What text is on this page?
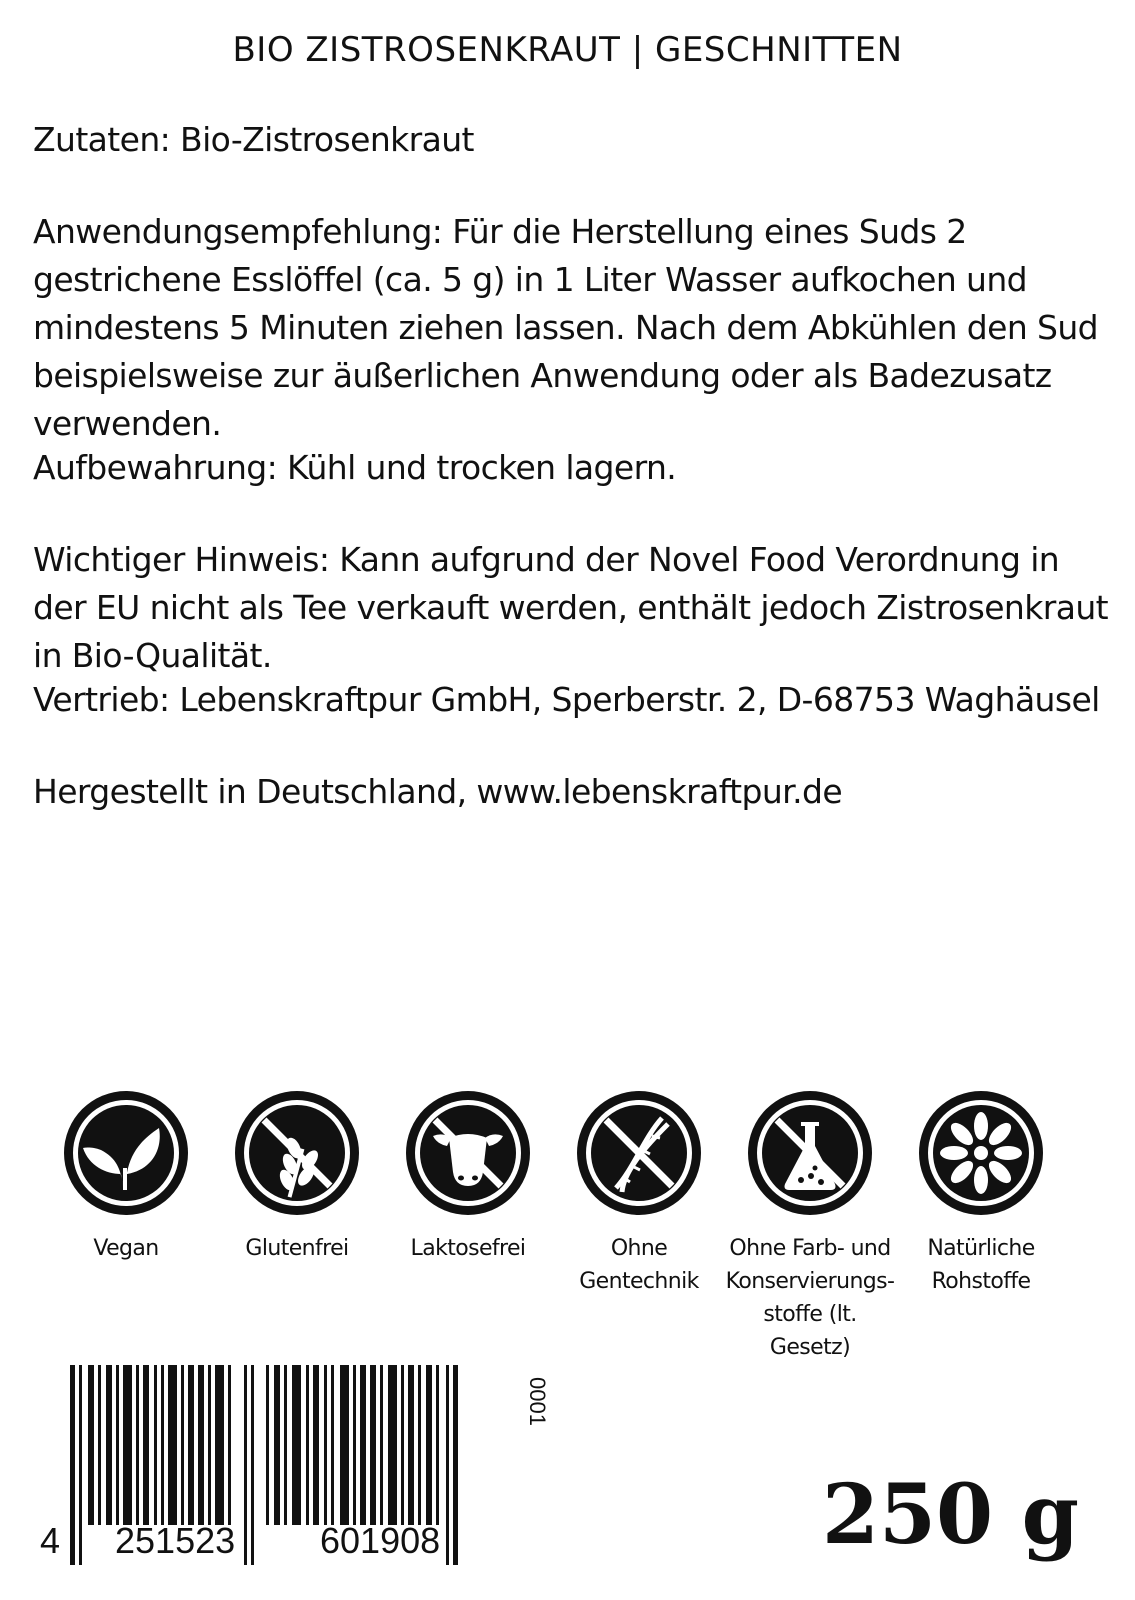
BIO ZISTROSENKRAUT | GESCHNITTEN
Zutaten: Bio-Zistrosenkraut
Anwendungsempfehlung: Für die Herstellung eines Suds 2 gestrichene Esslöffel (ca. 5 g) in 1 Liter Wasser aufkochen und mindestens 5 Minuten ziehen lassen. Nach dem Abkühlen den Sud beispielsweise zur äußerlichen Anwendung oder als Badezusatz verwenden.
Aufbewahrung: Kühl und trocken lagern.
Wichtiger Hinweis: Kann aufgrund der Novel Food Verordnung in der EU nicht als Tee verkauft werden, enthält jedoch Zistrosenkraut in Bio-Qualität.
Vertrieb: Lebenskraftpur GmbH, Sperberstr. 2, D-68753 Waghäusel
Hergestellt in Deutschland, www.lebenskraftpur.de
Vegan	Glutenfrei	Laktosefrei	Ohne
Gentechnik
Ohne Farb- und
Konservierungs-
stoffe (lt. Gesetz)
Natürliche
Rohstoffe
4 251523 601908
0001
250 g
